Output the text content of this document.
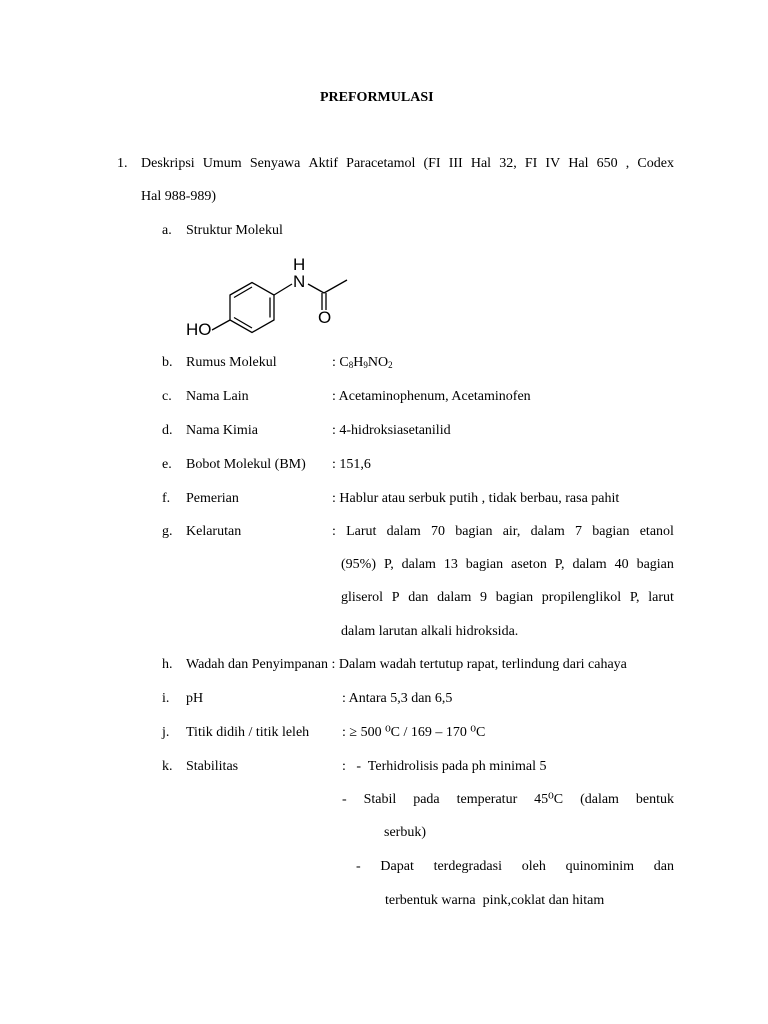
PREFORMULASI
1. Deskripsi Umum Senyawa Aktif Paracetamol (FI III Hal 32, FI IV Hal 650 , Codex
Hal 988-989)
a. Struktur Molekul
H
N
O
HO
b. Rumus Molekul	: $C_8H_9NO_2$
c. Nama Lain	: Acetaminophenum, Acetaminofen
d. Nama Kimia	: 4-hidroksiasetanilid
e. Bobot Molekul (BM) : 151,6
f. Pemerian	: Hablur atau serbuk putih , tidak berbau, rasa pahit
g. Kelarutan	: Larut dalam 70 bagian air, dalam 7 bagian etanol
(95%) P, dalam 13 bagian aseton P, dalam 40 bagian
gliserol P dan dalam 9 bagian propilenglikol P, larut
dalam larutan alkali hidroksida.
h. Wadah dan Penyimpanan : Dalam wadah tertutup rapat, terlindung dari cahaya
i. pH	: Antara 5,3 dan 6,5
j. Titik didih / titik leleh : ≥ 500 ⁰C / 169 – 170 ⁰C
k. Stabilitas	:   -  Terhidrolisis pada ph minimal 5
- Stabil pada temperatur 45⁰C (dalam bentuk
serbuk)
- Dapat terdegradasi oleh quinominim dan
terbentuk warna  pink,coklat dan hitam
